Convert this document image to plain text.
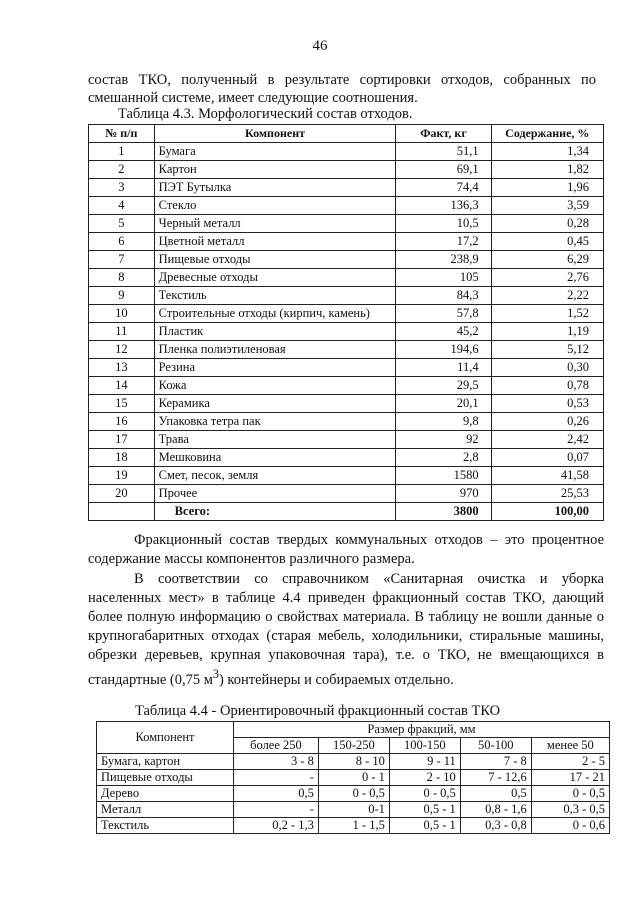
46
состав ТКО, полученный в результате сортировки отходов, собранных по смешанной системе, имеет следующие соотношения.
Таблица 4.3. Морфологический состав отходов.
№ п/п	Компонент	Факт, кг	Содержание, %
1	Бумага	51,1	1,34
2	Картон	69,1	1,82
3	ПЭТ Бутылка	74,4	1,96
4	Стекло	136,3	3,59
5	Черный металл	10,5	0,28
6	Цветной металл	17,2	0,45
7	Пищевые отходы	238,9	6,29
8	Древесные отходы	105	2,76
9	Текстиль	84,3	2,22
10	Строительные отходы (кирпич, камень)	57,8	1,52
11	Пластик	45,2	1,19
12	Пленка полиэтиленовая	194,6	5,12
13	Резина	11,4	0,30
14	Кожа	29,5	0,78
15	Керамика	20,1	0,53
16	Упаковка тетра пак	9,8	0,26
17	Трава	92	2,42
18	Мешковина	2,8	0,07
19	Смет, песок, земля	1580	41,58
20	Прочее	970	25,53
	Всего:	3800	100,00
Фракционный состав твердых коммунальных отходов – это процентное содержание массы компонентов различного размера.
В соответствии со справочником «Санитарная очистка и уборка населенных мест» в таблице 4.4 приведен фракционный состав ТКО, дающий более полную информацию о свойствах материала. В таблицу не вошли данные о крупногабаритных отходах (старая мебель, холодильники, стиральные машины, обрезки деревьев, крупная упаковочная тара), т.е. о ТКО, не вмещающихся в стандартные (0,75 $м^3$) контейнеры и собираемых отдельно.
Таблица 4.4 - Ориентировочный фракционный состав ТКО
Компонент	Размер фракций, мм				
	более 250	150-250	100-150	50-100	менее 50
Бумага, картон	3 - 8	8 - 10	9 - 11	7 - 8	2 - 5
Пищевые отходы	-	0 - 1	2 - 10	7 - 12,6	17 - 21
Дерево	0,5	0 - 0,5	0 - 0,5	0,5	0 - 0,5
Металл	-	0-1	0,5 - 1	0,8 - 1,6	0,3 - 0,5
Текстиль	0,2 - 1,3	1 - 1,5	0,5 - 1	0,3 - 0,8	0 - 0,6
